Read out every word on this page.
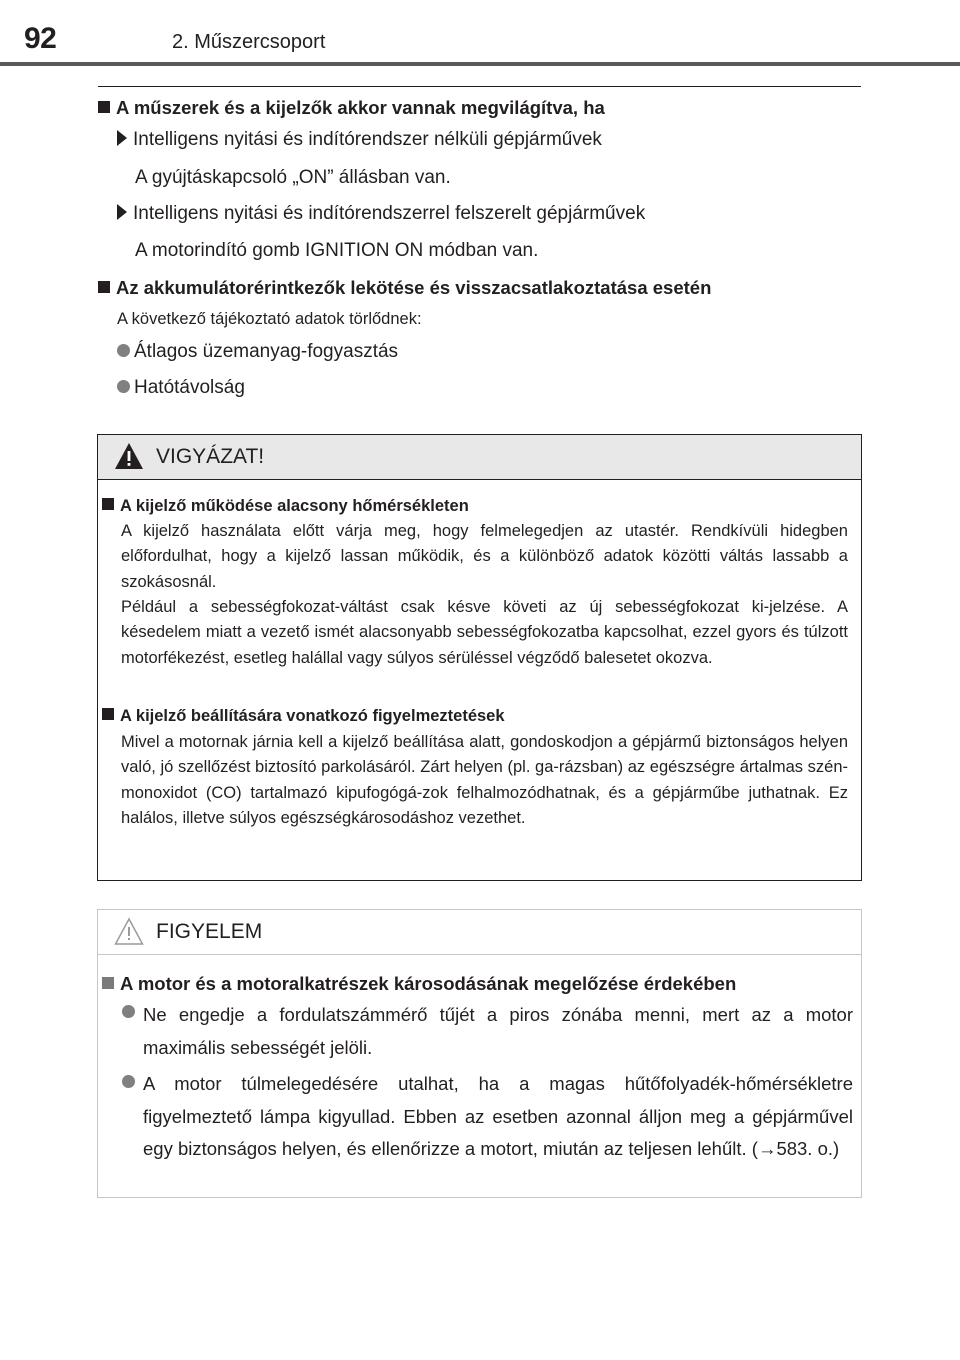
92	2. Műszercsoport
A műszerek és a kijelzők akkor vannak megvilágítva, ha
Intelligens nyitási és indítórendszer nélküli gépjárművek
A gyújtáskapcsoló „ON” állásban van.
Intelligens nyitási és indítórendszerrel felszerelt gépjárművek
A motorindító gomb IGNITION ON módban van.
Az akkumulátorérintkezők lekötése és visszacsatlakoztatása esetén
A következő tájékoztató adatok törlődnek:
Átlagos üzemanyag-fogyasztás
Hatótávolság
VIGYÁZAT!
A kijelző működése alacsony hőmérsékleten
A kijelző használata előtt várja meg, hogy felmelegedjen az utastér. Rendkívüli hidegben előfordulhat, hogy a kijelző lassan működik, és a különböző adatok közötti váltás lassabb a szokásosnál.
Például a sebességfokozat-váltást csak késve követi az új sebességfokozat ki-jelzése. A késedelem miatt a vezető ismét alacsonyabb sebességfokozatba kapcsolhat, ezzel gyors és túlzott motorfékezést, esetleg halállal vagy súlyos sérüléssel végződő balesetet okozva.
A kijelző beállítására vonatkozó figyelmeztetések
Mivel a motornak járnia kell a kijelző beállítása alatt, gondoskodjon a gépjármű biztonságos helyen való, jó szellőzést biztosító parkolásáról. Zárt helyen (pl. ga-rázsban) az egészségre ártalmas szén-monoxidot (CO) tartalmazó kipufogógá-zok felhalmozódhatnak, és a gépjárműbe juthatnak. Ez halálos, illetve súlyos egészségkárosodáshoz vezethet.
FIGYELEM
A motor és a motoralkatrészek károsodásának megelőzése érdekében
Ne engedje a fordulatszámmérő tűjét a piros zónába menni, mert az a motor maximális sebességét jelöli.
A motor túlmelegedésére utalhat, ha a magas hűtőfolyadék-hőmérsékletre figyelmeztető lámpa kigyullad. Ebben az esetben azonnal álljon meg a gépjárművel egy biztonságos helyen, és ellenőrizze a motort, miután az teljesen lehűlt. (→583. o.)
